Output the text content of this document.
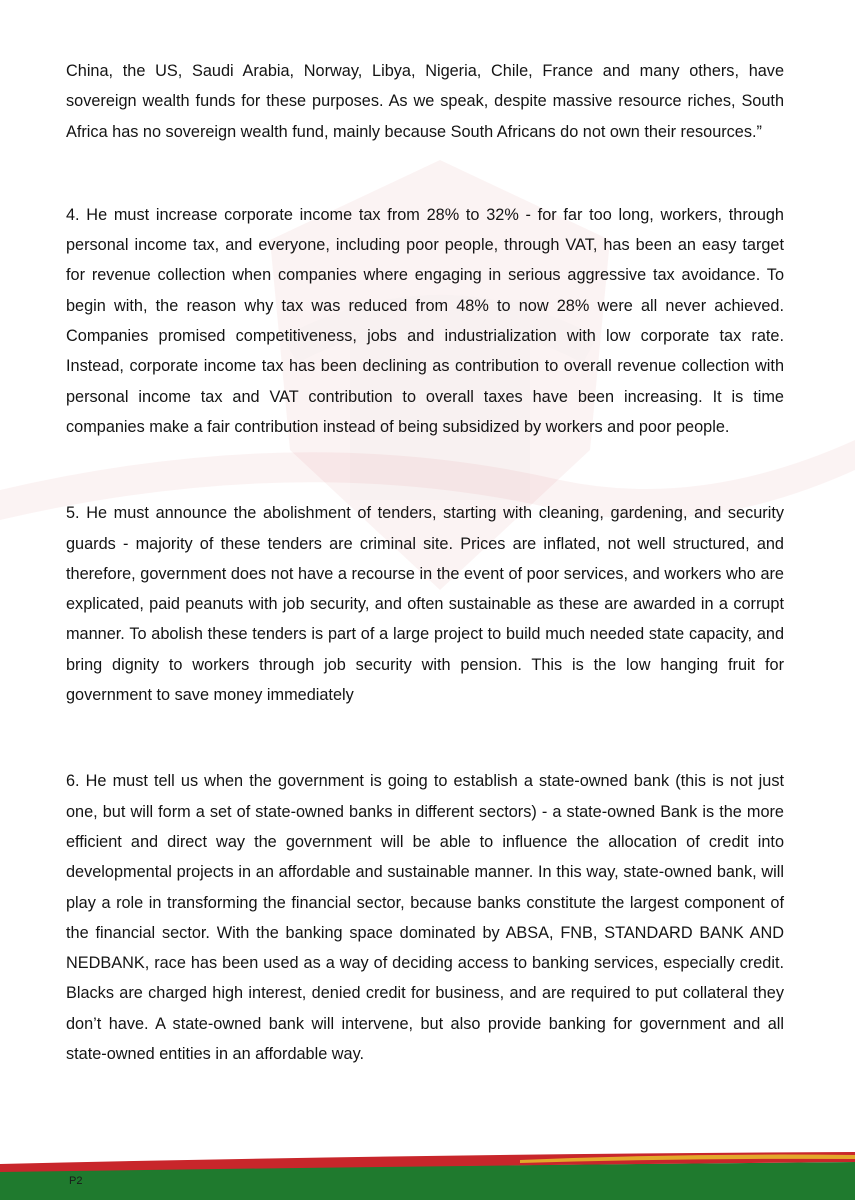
China, the US, Saudi Arabia, Norway, Libya, Nigeria, Chile, France and many others, have sovereign wealth funds for these purposes. As we speak, despite massive resource riches, South Africa has no sovereign wealth fund, mainly because South Africans do not own their resources.”

4. He must increase corporate income tax from 28% to 32% - for far too long, workers, through personal income tax, and everyone, including poor people, through VAT, has been an easy target for revenue collection when companies where engaging in serious aggressive tax avoidance. To begin with, the reason why tax was reduced from 48% to now 28% were all never achieved. Companies promised competitiveness, jobs and industrialization with low corporate tax rate. Instead, corporate income tax has been declining as contribution to overall revenue collection with personal income tax and VAT contribution to overall taxes have been increasing. It is time companies make a fair contribution instead of being subsidized by workers and poor people.

5. He must announce the abolishment of tenders, starting with cleaning, gardening, and security guards - majority of these tenders are criminal site. Prices are inflated, not well structured, and therefore, government does not have a recourse in the event of poor services, and workers who are explicated, paid peanuts with job security, and often sustainable as these are awarded in a corrupt manner. To abolish these tenders is part of a large project to build much needed state capacity, and bring dignity to workers through job security with pension. This is the low hanging fruit for government to save money immediately

6. He must tell us when the government is going to establish a state-owned bank (this is not just one, but will form a set of state-owned banks in different sectors) - a state-owned Bank is the more efficient and direct way the government will be able to influence the allocation of credit into developmental projects in an affordable and sustainable manner. In this way, state-owned bank, will play a role in transforming the financial sector, because banks constitute the largest component of the financial sector. With the banking space dominated by ABSA, FNB, STANDARD BANK AND NEDBANK, race has been used as a way of deciding access to banking services, especially credit. Blacks are charged high interest, denied credit for business, and are required to put collateral they don’t have. A state-owned bank will intervene, but also provide banking for government and all state-owned entities in an affordable way.

P2
